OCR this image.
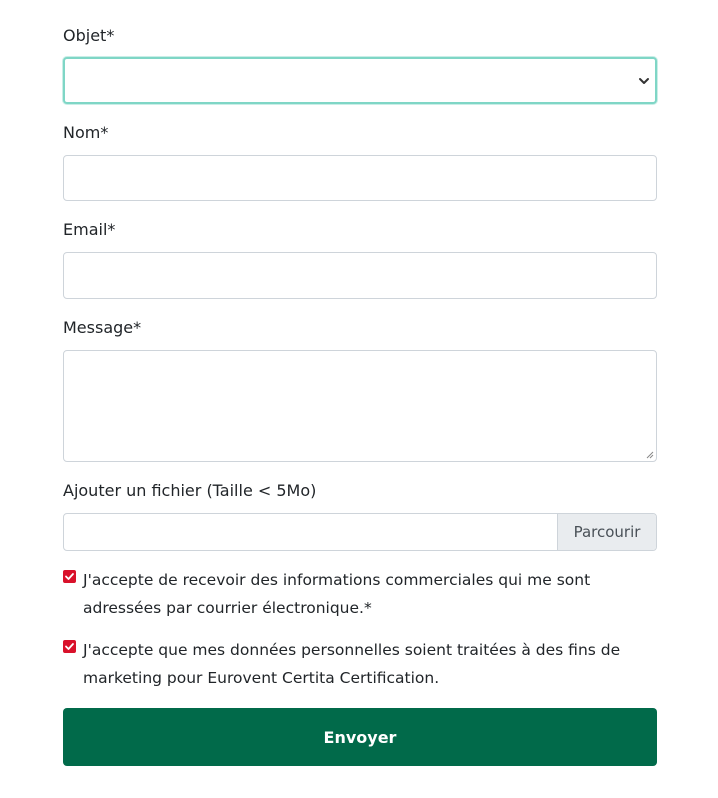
Objet*
Nom*
Email*
Message*
Ajouter un fichier (Taille < 5Mo)
Parcourir
J'accepte de recevoir des informations commerciales qui me sont adressées par courrier électronique.*
J'accepte que mes données personnelles soient traitées à des fins de marketing pour Eurovent Certita Certification.
Envoyer
